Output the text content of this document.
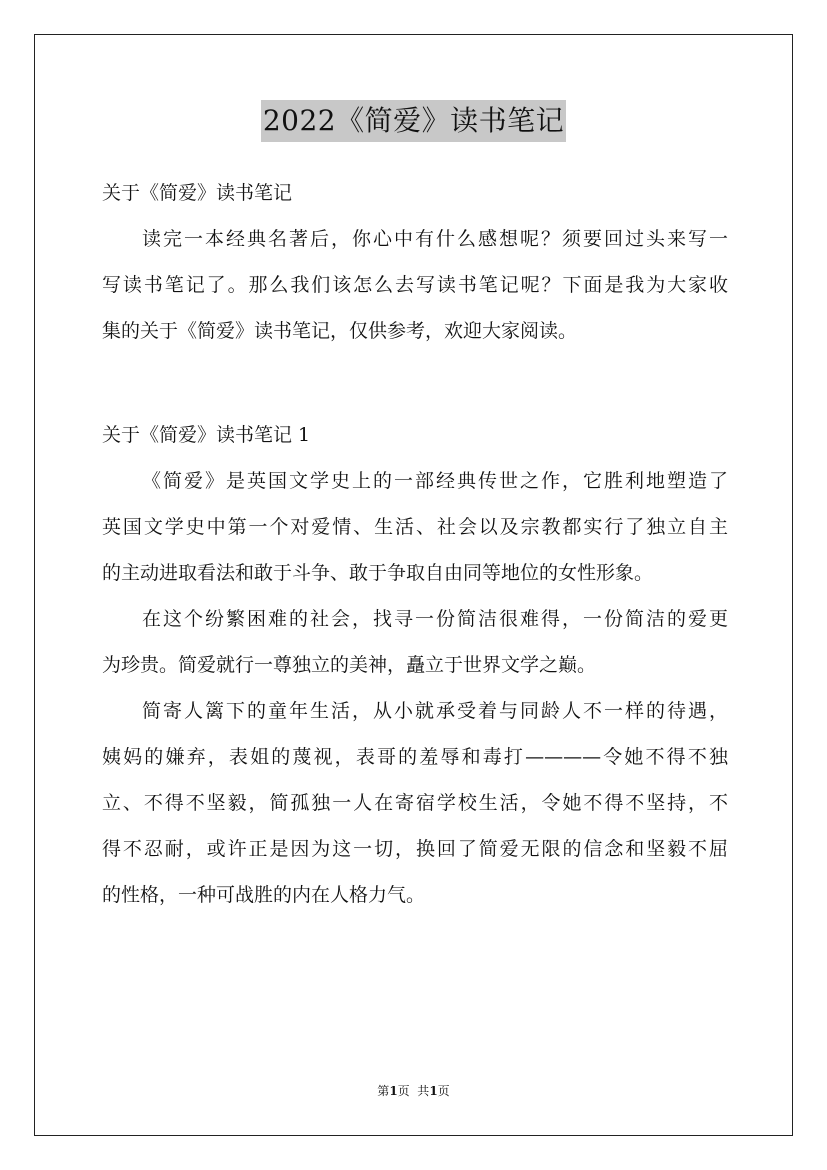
2022《简爱》读书笔记
关于《简爱》读书笔记
读完一本经典名著后，你心中有什么感想呢？须要回过头来写一
写读书笔记了。那么我们该怎么去写读书笔记呢？下面是我为大家收
集的关于《简爱》读书笔记，仅供参考，欢迎大家阅读。
关于《简爱》读书笔记 1
《简爱》是英国文学史上的一部经典传世之作，它胜利地塑造了
英国文学史中第一个对爱情、生活、社会以及宗教都实行了独立自主
的主动进取看法和敢于斗争、敢于争取自由同等地位的女性形象。
在这个纷繁困难的社会，找寻一份简洁很难得，一份简洁的爱更
为珍贵。简爱就行一尊独立的美神，矗立于世界文学之巅。
简寄人篱下的童年生活，从小就承受着与同龄人不一样的待遇，
姨妈的嫌弃，表姐的蔑视，表哥的羞辱和毒打————令她不得不独
立、不得不坚毅，简孤独一人在寄宿学校生活，令她不得不坚持，不
得不忍耐，或许正是因为这一切，换回了简爱无限的信念和坚毅不屈
的性格，一种可战胜的内在人格力气。
第1页  共1页
